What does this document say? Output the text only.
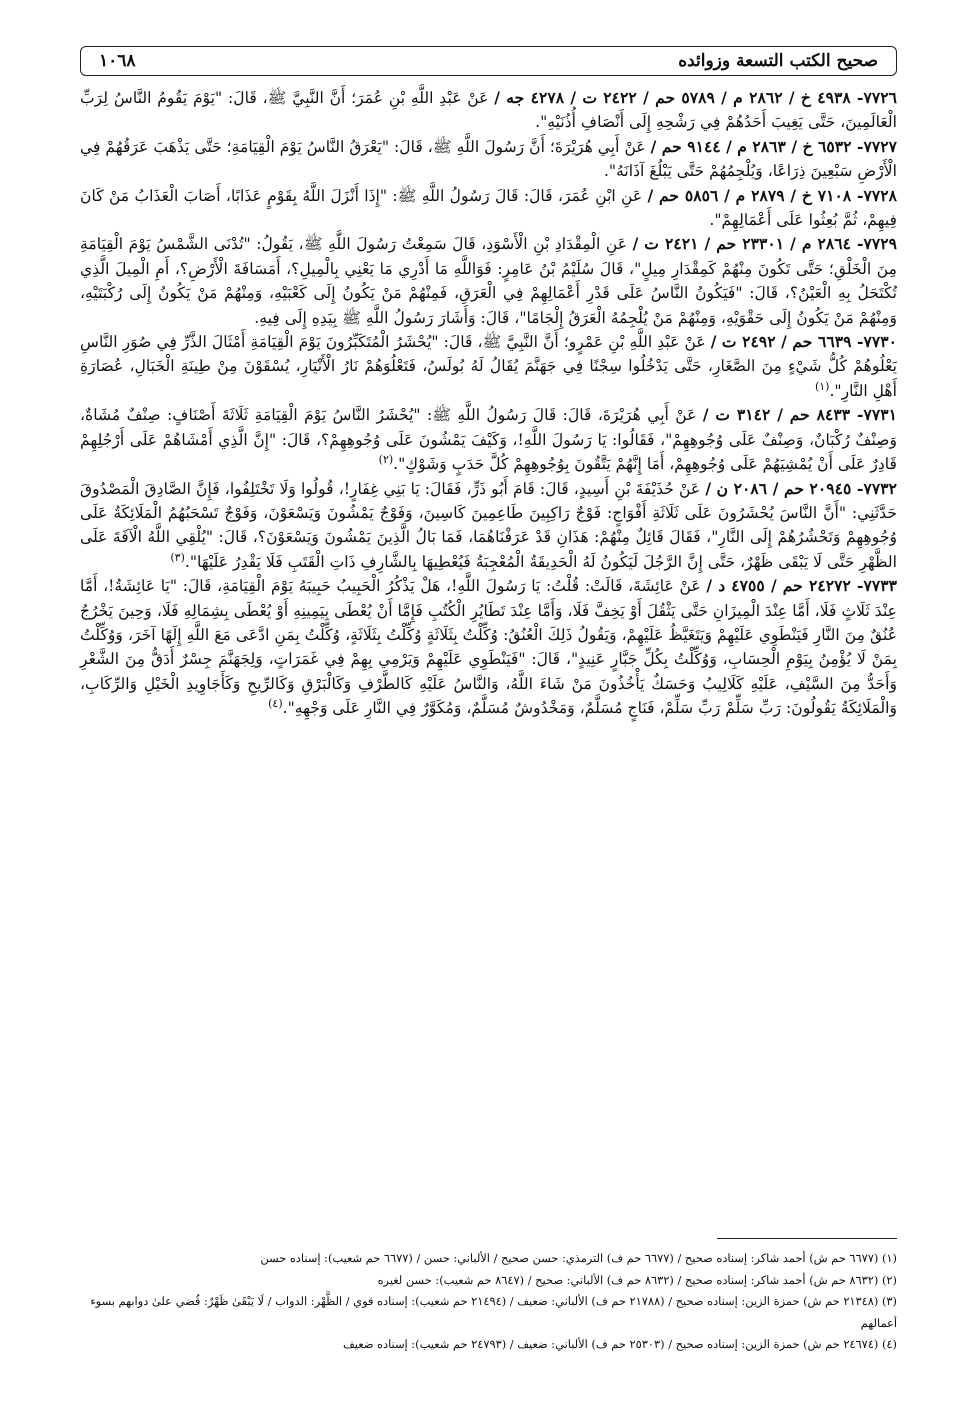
صحيح الكتب التسعة وزوائده
١٠٦٨

٧٧٢٦- ٤٩٣٨ خ / ٢٨٦٢ م / ٥٧٨٩ حم / ٢٤٢٢ ت / ٤٢٧٨ جه / عَنْ عَبْدِ اللَّهِ بْنِ عُمَرَ؛ أَنَّ النَّبِيَّ ﷺ، قَالَ: "يَوْمَ يَقُومُ النَّاسُ لِرَبِّ الْعَالَمِينَ، حَتَّى يَغِيبَ أَحَدُهُمْ فِي رَشْحِهِ إِلَى أَنْصَافِ أُذُنَيْهِ".

٧٧٢٧- ٦٥٣٢ خ / ٢٨٦٣ م / ٩١٤٤ حم / عَنْ أَبِي هُرَيْرَةَ؛ أَنَّ رَسُولَ اللَّهِ ﷺ، قَالَ: "يَعْرَقُ النَّاسُ يَوْمَ الْقِيَامَةِ؛ حَتَّى يَذْهَبَ عَرَقُهُمْ فِي الْأَرْضِ سَبْعِينَ ذِرَاعًا، وَيُلْجِمُهُمْ حَتَّى يَبْلُغَ آذَانَهُ".

٧٧٢٨- ٧١٠٨ خ / ٢٨٧٩ م / ٥٨٥٦ حم / عَنِ ابْنِ عُمَرَ، قَالَ: قَالَ رَسُولُ اللَّهِ ﷺ: "إِذَا أَنْزَلَ اللَّهُ بِقَوْمٍ عَذَابًا، أَصَابَ الْعَذَابُ مَنْ كَانَ فِيهِمْ، ثُمَّ بُعِثُوا عَلَى أَعْمَالِهِمْ".

٧٧٢٩- ٢٨٦٤ م / ٢٣٣٠١ حم / ٢٤٢١ ت / عَنِ الْمِقْدَادِ بْنِ الْأَسْوَدِ، قَالَ سَمِعْتُ رَسُولَ اللَّهِ ﷺ، يَقُولُ: "تُدْنَى الشَّمْسُ يَوْمَ الْقِيَامَةِ مِنَ الْخَلْقِ؛ حَتَّى تَكُونَ مِنْهُمْ كَمِقْدَارِ مِيلٍ"، قَالَ سُلَيْمُ بْنُ عَامِرٍ: فَوَاللَّهِ مَا أَدْرِي مَا يَعْنِي بِالْمِيلِ؟، أَمَسَافَةَ الْأَرْضِ؟، أَمِ الْمِيلَ الَّذِي تُكْتَحَلُ بِهِ الْعَيْنُ؟، قَالَ: "فَيَكُونُ النَّاسُ عَلَى قَدْرِ أَعْمَالِهِمْ فِي الْعَرَقِ، فَمِنْهُمْ مَنْ يَكُونُ إِلَى كَعْبَيْهِ، وَمِنْهُمْ مَنْ يَكُونُ إِلَى رُكْبَتَيْهِ، وَمِنْهُمْ مَنْ يَكُونُ إِلَى حَقْوَيْهِ، وَمِنْهُمْ مَنْ يُلْجِمُهُ الْعَرَقُ إِلْجَامًا"، قَالَ: وَأَشَارَ رَسُولُ اللَّهِ ﷺ بِيَدِهِ إِلَى فِيهِ.

٧٧٣٠- ٦٦٣٩ حم / ٢٤٩٢ ت / عَنْ عَبْدِ اللَّهِ بْنِ عَمْرٍو؛ أَنَّ النَّبِيَّ ﷺ، قَالَ: "يُحْشَرُ الْمُتَكَبِّرُونَ يَوْمَ الْقِيَامَةِ أَمْثَالَ الذَّرِّ فِي صُوَرِ النَّاسِ يَعْلُوهُمْ كُلُّ شَيْءٍ مِنَ الصَّغَارِ، حَتَّى يَدْخُلُوا سِجْنًا فِي جَهَنَّمَ يُقَالُ لَهُ بُولَسُ، فَتَعْلُوَهُمْ نَارُ الْأَنْيَارِ، يُسْقَوْنَ مِنْ طِينَةِ الْخَبَالِ، عُصَارَةِ أَهْلِ النَّارِ".$^{(١)}$

٧٧٣١- ٨٤٣٣ حم / ٣١٤٢ ت / عَنْ أَبِي هُرَيْرَةَ، قَالَ: قَالَ رَسُولُ اللَّهِ ﷺ: "يُحْشَرُ النَّاسُ يَوْمَ الْقِيَامَةِ ثَلَاثَةَ أَصْنَافٍ: صِنْفٌ مُشَاةٌ، وَصِنْفٌ رُكْبَانٌ، وَصِنْفٌ عَلَى وُجُوهِهِمْ"، فَقَالُوا: يَا رَسُولَ اللَّهِ!، وَكَيْفَ يَمْشُونَ عَلَى وُجُوهِهِمْ؟، قَالَ: "إِنَّ الَّذِي أَمْشَاهُمْ عَلَى أَرْجُلِهِمْ قَادِرٌ عَلَى أَنْ يُمْشِيَهُمْ عَلَى وُجُوهِهِمْ، أَمَا إِنَّهُمْ يَتَّقُونَ بِوُجُوهِهِمْ كُلَّ حَدَبٍ وَشَوْكٍ".$^{(٢)}$

٧٧٣٢- ٢٠٩٤٥ حم / ٢٠٨٦ ن / عَنْ حُذَيْفَةَ بْنِ أَسِيدٍ، قَالَ: قَامَ أَبُو ذَرٍّ، فَقَالَ: يَا بَنِي غِفَارٍ!، قُولُوا وَلَا تَخْتَلِفُوا، فَإِنَّ الصَّادِقَ الْمَصْدُوقَ حَدَّثَنِي: "أَنَّ النَّاسَ يُحْشَرُونَ عَلَى ثَلَاثَةِ أَفْوَاجٍ: فَوْجٌ رَاكِبِينَ طَاعِمِينَ كَاسِينَ، وَفَوْجٌ يَمْشُونَ وَيَسْعَوْنَ، وَفَوْجٌ تَسْحَبُهُمُ الْمَلَائِكَةُ عَلَى وُجُوهِهِمْ وَتَحْشُرُهُمْ إِلَى النَّارِ"، فَقَالَ قَائِلٌ مِنْهُمْ: هَذَانِ قَدْ عَرَفْنَاهُمَا، فَمَا بَالُ الَّذِينَ يَمْشُونَ وَيَسْعَوْنَ؟، قَالَ: "يُلْقِي اللَّهُ الْآفَةَ عَلَى الظَّهْرِ حَتَّى لَا يَبْقَى ظَهْرٌ، حَتَّى إِنَّ الرَّجُلَ لَيَكُونُ لَهُ الْحَدِيقَةُ الْمُعْجِبَةُ فَيُعْطِيهَا بِالشَّارِفِ ذَاتِ الْقَتَبِ فَلَا يَقْدِرُ عَلَيْهَا".$^{(٣)}$

٧٧٣٣- ٢٤٢٧٢ حم / ٤٧٥٥ د / عَنْ عَائِشَةَ، قَالَتْ: قُلْتُ: يَا رَسُولَ اللَّهِ!، هَلْ يَذْكُرُ الْحَبِيبُ حَبِيبَهُ يَوْمَ الْقِيَامَةِ، قَالَ: "يَا عَائِشَةُ!، أَمَّا عِنْدَ ثَلَاثٍ فَلَا، أَمَّا عِنْدَ الْمِيزَانِ حَتَّى يَثْقُلَ أَوْ يَخِفَّ فَلَا، وَأَمَّا عِنْدَ تَطَايُرِ الْكُتُبِ فَإِمَّا أَنْ يُعْطَى بِيَمِينِهِ أَوْ يُعْطَى بِشِمَالِهِ فَلَا، وَحِينَ يَخْرُجُ عُنُقٌ مِنَ النَّارِ فَيَنْطَوِي عَلَيْهِمْ وَيَتَغَيَّظُ عَلَيْهِمْ، وَيَقُولُ ذَلِكَ الْعُنُقُ: وُكِّلْتُ بِثَلَاثَةٍ وُكِّلْتُ بِثَلَاثَةٍ، وُكِّلْتُ بِمَنِ ادَّعَى مَعَ اللَّهِ إِلَهًا آخَرَ، وَوُكِّلْتُ بِمَنْ لَا يُؤْمِنُ بِيَوْمِ الْحِسَابِ، وَوُكِّلْتُ بِكُلِّ جَبَّارٍ عَنِيدٍ"، قَالَ: "فَيَنْطَوِي عَلَيْهِمْ وَيَرْمِي بِهِمْ فِي غَمَرَاتٍ، وَلِجَهَنَّمَ جِسْرٌ أَدَقُّ مِنَ الشَّعْرِ وَأَحَدُّ مِنَ السَّيْفِ، عَلَيْهِ كَلَالِيبُ وَحَسَكٌ يَأْخُذُونَ مَنْ شَاءَ اللَّهُ، وَالنَّاسُ عَلَيْهِ كَالطَّرْفِ وَكَالْبَرْقِ وَكَالرِّيحِ وَكَأَجَاوِيدِ الْخَيْلِ وَالرِّكَابِ، وَالْمَلَائِكَةُ يَقُولُونَ: رَبِّ سَلِّمْ رَبِّ سَلِّمْ، فَنَاجٍ مُسَلَّمٌ، وَمَخْدُوشٌ مُسَلَّمٌ، وَمُكَوَّرٌ فِي النَّارِ عَلَى وَجْهِهِ".$^{(٤)}$

(١) (٦٦٧٧ حم ش) أحمد شاكر: إسناده صحيح / (٦٦٧٧ حم ف) الترمذي: حسن صحيح / الألباني: حسن / (٦٦٧٧ حم شعيب): إسناده حسن

(٢) (٨٦٣٢ حم ش) أحمد شاكر: إسناده صحيح / (٨٦٣٢ حم ف) الألباني: صحيح / (٨٦٤٧ حم شعيب): حسن لغيره

(٣) (٢١٣٤٨ حم ش) حمزة الزين: إسناده صحيح / (٢١٧٨٨ حم ف) الألباني: ضعيف / (٢١٤٩٤ حم شعيب): إسناده قوي / الظَّهْر: الدواب / لَا يَبْقَىٰ ظَهْرٌ: قُضي علىٰ دوابهم بسوء أعمالهم

(٤) (٢٤٦٧٤ حم ش) حمزة الزين: إسناده صحيح / (٢٥٣٠٣ حم ف) الألباني: ضعيف / (٢٤٧٩٣ حم شعيب): إسناده ضعيف
